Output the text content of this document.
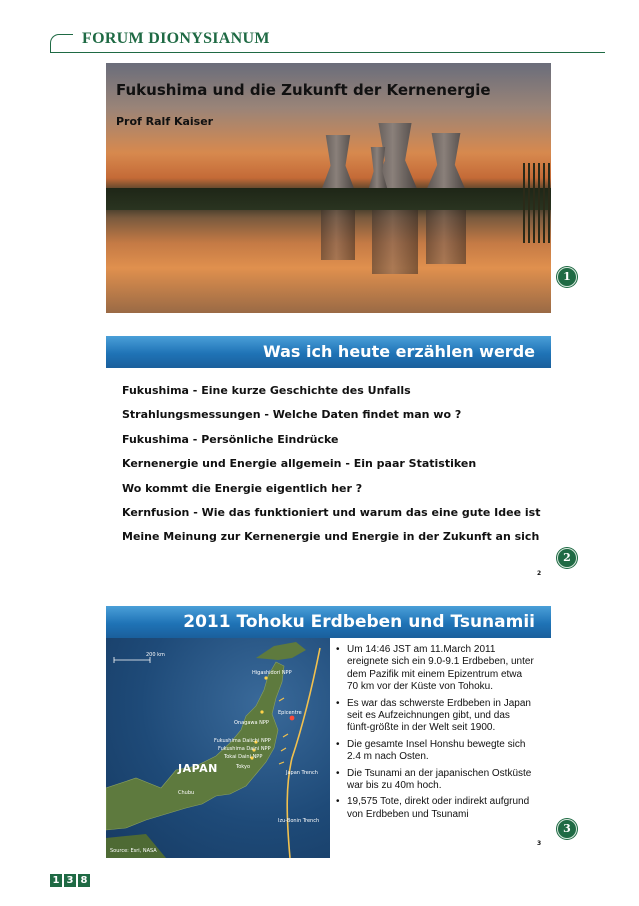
FORUM DIONYSIANUM
Fukushima und die Zukunft der Kernenergie
Prof Ralf Kaiser
1
Was ich heute erzählen werde
Fukushima - Eine kurze Geschichte des Unfalls
Strahlungsmessungen - Welche Daten findet man wo ?
Fukushima - Persönliche Eindrücke
Kernenergie und Energie allgemein - Ein paar Statistiken
Wo kommt die Energie eigentlich her ?
Kernfusion - Wie das funktioniert und warum das eine gute Idee ist
Meine Meinung zur Kernenergie und Energie in der Zukunft an sich
2
2
2011 Tohoku Erdbeben und Tsunamii
Higashidori NPP
Onagawa NPP
Epicentre
Fukushima Daiichi NPP
Fukushima Daini NPP
Tokai Daini NPP
Tokyo
Japan Trench
Izu-Bonin Trench
Chubu
Source: Esri, NASA
200 km
JAPAN
• Um 14:46 JST am 11.March 2011 ereignete sich ein 9.0-9.1 Erdbeben, unter dem Pazifik mit einem Epizentrum etwa 70 km vor der Küste von Tohoku.
• Es war das schwerste Erdbeben in Japan seit es Aufzeichnungen gibt, und das fünft-größte in der Welt seit 1900.
• Die gesamte Insel Honshu bewegte sich 2.4 m nach Osten.
• Die Tsunami an der japanischen Ostküste war bis zu 40m hoch.
• 19,575 Tote, direkt oder indirekt aufgrund von Erdbeben und Tsunami
3
3
1 3 8
